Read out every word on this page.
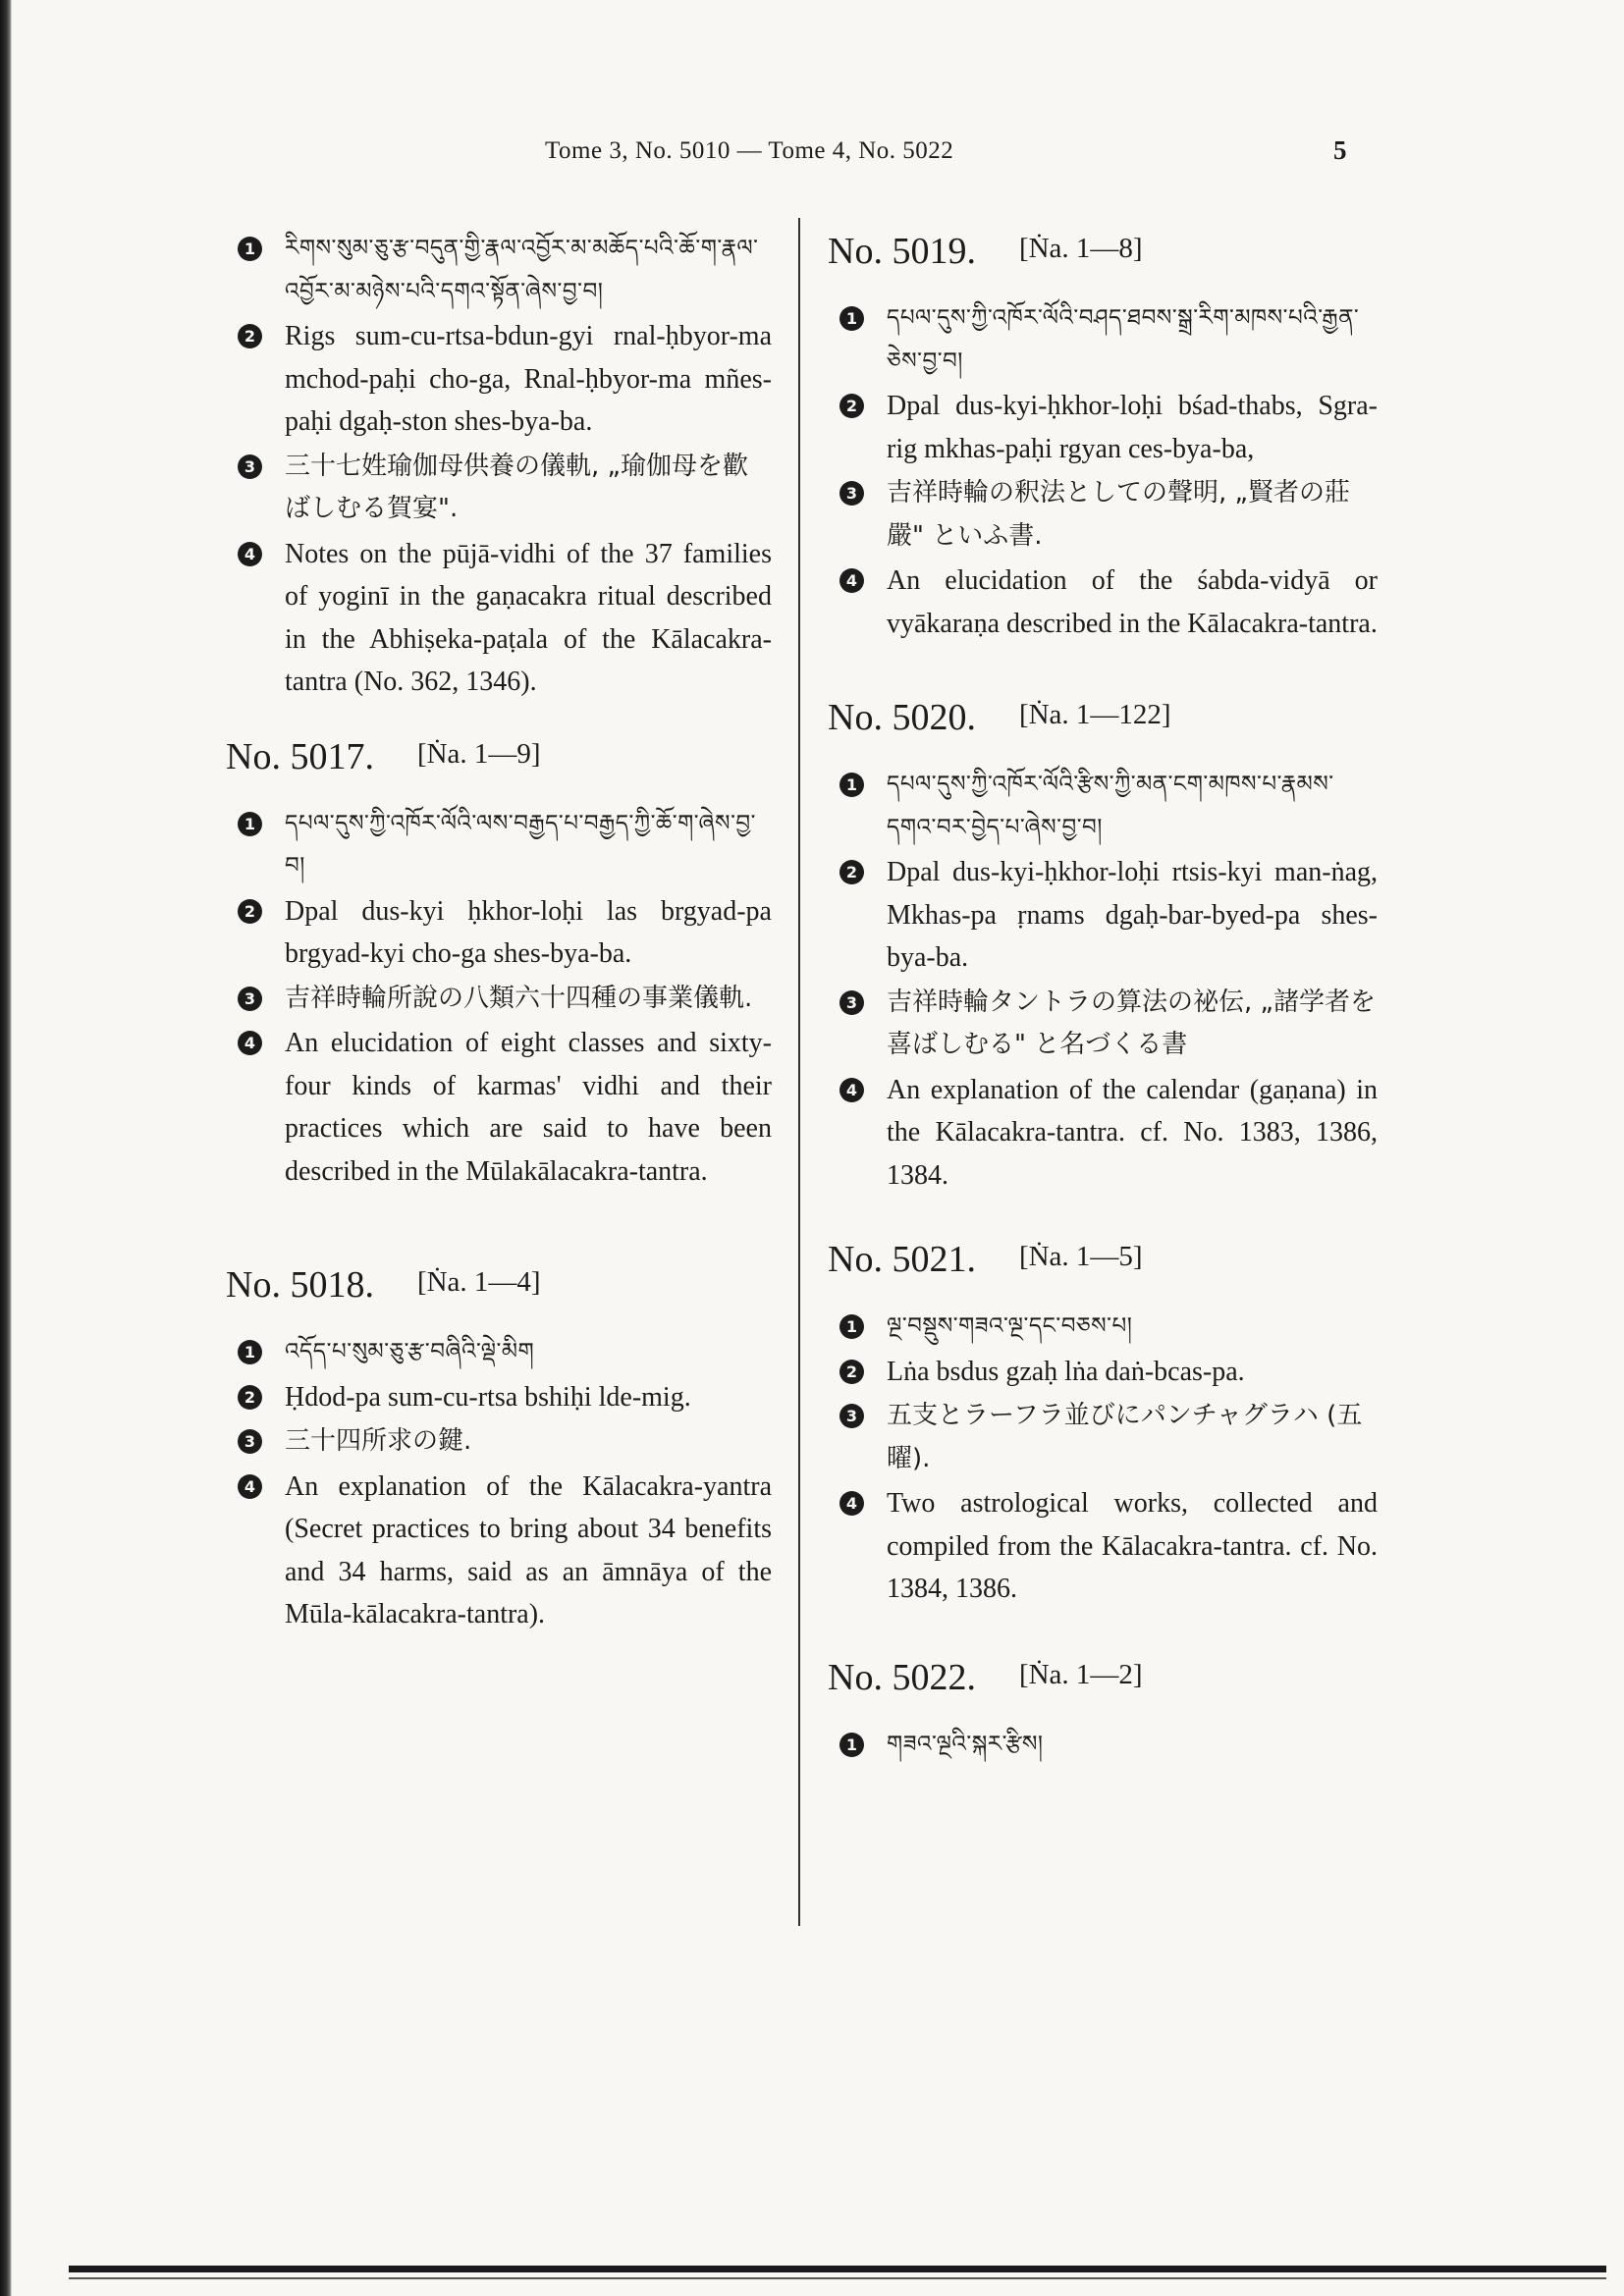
Tome 3, No. 5010 — Tome 4, No. 5022	5
1	རིགས་སུམ་ཅུ་རྩ་བདུན་གྱི་རྣལ་འབྱོར་མ་མཆོད་པའི་ཆོ་ག་རྣལ་འབྱོར་མ་མཉེས་པའི་དགའ་སྟོན་ཞེས་བྱ་བ།
2 Rigs sum-cu-rtsa-bdun-gyi rnal-ḥbyor-ma mchod-paḥi cho-ga, Rnal-ḥbyor-ma mñes-paḥi dgaḥ-ston shes-bya-ba.
3 三十七姓瑜伽母供養の儀軌, „瑜伽母を歡ばしむる賀宴".
4 Notes on the pūjā-vidhi of the 37 families of yoginī in the gaṇacakra ritual described in the Abhiṣeka-paṭala of the Kālacakra-tantra (No. 362, 1346).
No. 5017. [Ṅa. 1—9]
1	དཔལ་དུས་ཀྱི་འཁོར་ལོའི་ལས་བརྒྱད་པ་བརྒྱད་ཀྱི་ཆོ་ག་ཞེས་བྱ་བ།
2 Dpal dus-kyi ḥkhor-loḥi las brgyad-pa brgyad-kyi cho-ga shes-bya-ba.
3 吉祥時輪所說の八類六十四種の事業儀軌.
4 An elucidation of eight classes and sixty-four kinds of karmas' vidhi and their practices which are said to have been described in the Mūlakālacakra-tantra.
No. 5018. [Ṅa. 1—4]
1	འདོད་པ་སུམ་ཅུ་རྩ་བཞིའི་ལྡེ་མིག
2 Ḥdod-pa sum-cu-rtsa bshiḥi lde-mig.
3 三十四所求の鍵.
4 An explanation of the Kālacakra-yantra (Secret practices to bring about 34 benefits and 34 harms, said as an āmnāya of the Mūla-kālacakra-tantra).
No. 5019. [Ṅa. 1—8]
1	དཔལ་དུས་ཀྱི་འཁོར་ལོའི་བཤད་ཐབས་སྒྲ་རིག་མཁས་པའི་རྒྱན་ཅེས་བྱ་བ།
2 Dpal dus-kyi-ḥkhor-loḥi bśad-thabs, Sgra-rig mkhas-paḥi rgyan ces-bya-ba,
3 吉祥時輪の釈法としての聲明, „賢者の莊嚴" といふ書.
4 An elucidation of the śabda-vidyā or vyākaraṇa described in the Kālacakra-tantra.
No. 5020. [Ṅa. 1—122]
1	དཔལ་དུས་ཀྱི་འཁོར་ལོའི་རྩིས་ཀྱི་མན་ངག་མཁས་པ་རྣམས་དགའ་བར་བྱེད་པ་ཞེས་བྱ་བ།
2 Dpal dus-kyi-ḥkhor-loḥi rtsis-kyi man-ṅag, Mkhas-pa ṛnams dgaḥ-bar-byed-pa shes-bya-ba.
3 吉祥時輪タントラの算法の祕伝, „諸学者を喜ばしむる" と名づくる書
4 An explanation of the calendar (gaṇana) in the Kālacakra-tantra. cf. No. 1383, 1386, 1384.
No. 5021. [Ṅa. 1—5]
1	ལྔ་བསྡུས་གཟའ་ལྔ་དང་བཅས་པ།
2 Lṅa bsdus gzaḥ lṅa daṅ-bcas-pa.
3 五支とラーフラ並びにパンチャグラハ (五曜).
4 Two astrological works, collected and compiled from the Kālacakra-tantra. cf. No. 1384, 1386.
No. 5022. [Ṅa. 1—2]
1	གཟའ་ལྔའི་སྐར་རྩིས།
